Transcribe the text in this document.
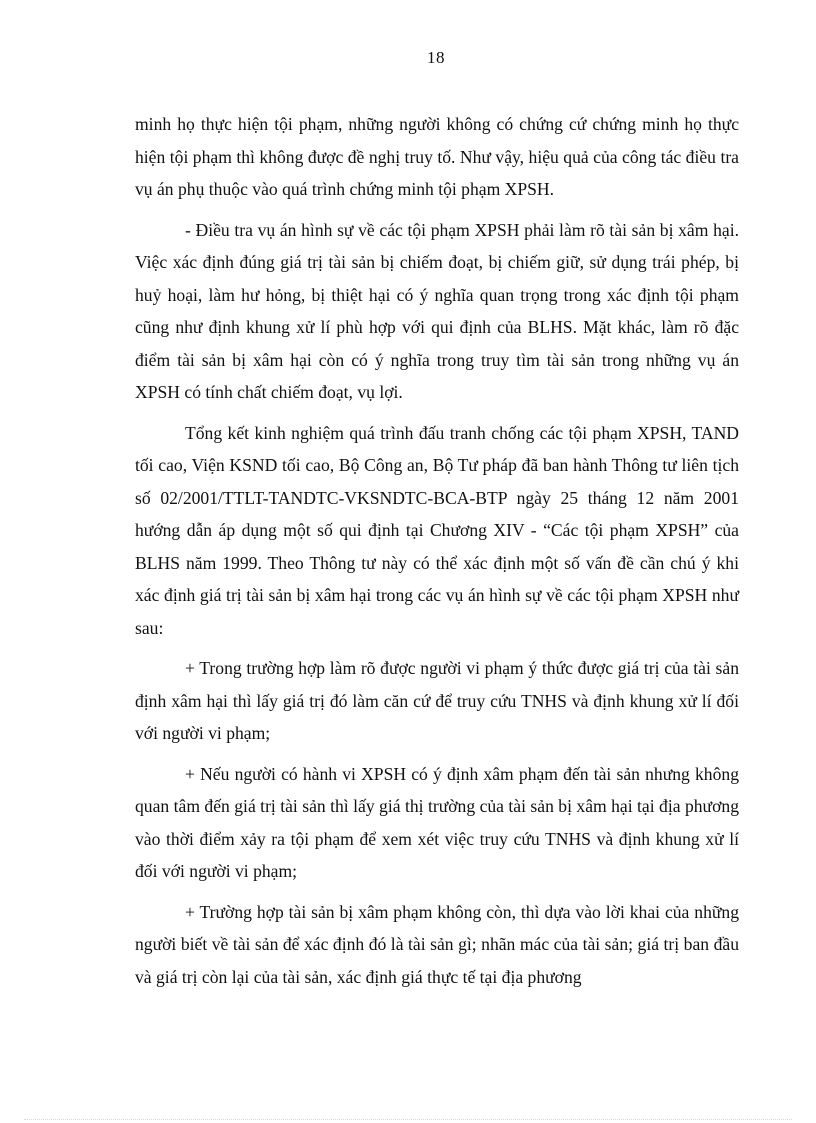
18

minh họ thực hiện tội phạm, những người không có chứng cứ chứng minh họ thực hiện tội phạm thì không được đề nghị truy tố. Như vậy, hiệu quả của công tác điều tra vụ án phụ thuộc vào quá trình chứng minh tội phạm XPSH.

- Điều tra vụ án hình sự về các tội phạm XPSH phải làm rõ tài sản bị xâm hại. Việc xác định đúng giá trị tài sản bị chiếm đoạt, bị chiếm giữ, sử dụng trái phép, bị huỷ hoại, làm hư hỏng, bị thiệt hại có ý nghĩa quan trọng trong xác định tội phạm cũng như định khung xử lí phù hợp với qui định của BLHS. Mặt khác, làm rõ đặc điểm tài sản bị xâm hại còn có ý nghĩa trong truy tìm tài sản trong những vụ án XPSH có tính chất chiếm đoạt, vụ lợi.

Tổng kết kinh nghiệm quá trình đấu tranh chống các tội phạm XPSH, TAND tối cao, Viện KSND tối cao, Bộ Công an, Bộ Tư pháp đã ban hành Thông tư liên tịch số 02/2001/TTLT-TANDTC-VKSNDTC-BCA-BTP ngày 25 tháng 12 năm 2001 hướng dẫn áp dụng một số qui định tại Chương XIV - “Các tội phạm XPSH” của BLHS năm 1999. Theo Thông tư này có thể xác định một số vấn đề cần chú ý khi xác định giá trị tài sản bị xâm hại trong các vụ án hình sự về các tội phạm XPSH như sau:

+ Trong trường hợp làm rõ được người vi phạm ý thức được giá trị của tài sản định xâm hại thì lấy giá trị đó làm căn cứ để truy cứu TNHS và định khung xử lí đối với người vi phạm;

+ Nếu người có hành vi XPSH có ý định xâm phạm đến tài sản nhưng không quan tâm đến giá trị tài sản thì lấy giá thị trường của tài sản bị xâm hại tại địa phương vào thời điểm xảy ra tội phạm để xem xét việc truy cứu TNHS và định khung xử lí đối với người vi phạm;

+ Trường hợp tài sản bị xâm phạm không còn, thì dựa vào lời khai của những người biết về tài sản để xác định đó là tài sản gì; nhãn mác của tài sản; giá trị ban đầu và giá trị còn lại của tài sản, xác định giá thực tế tại địa phương
